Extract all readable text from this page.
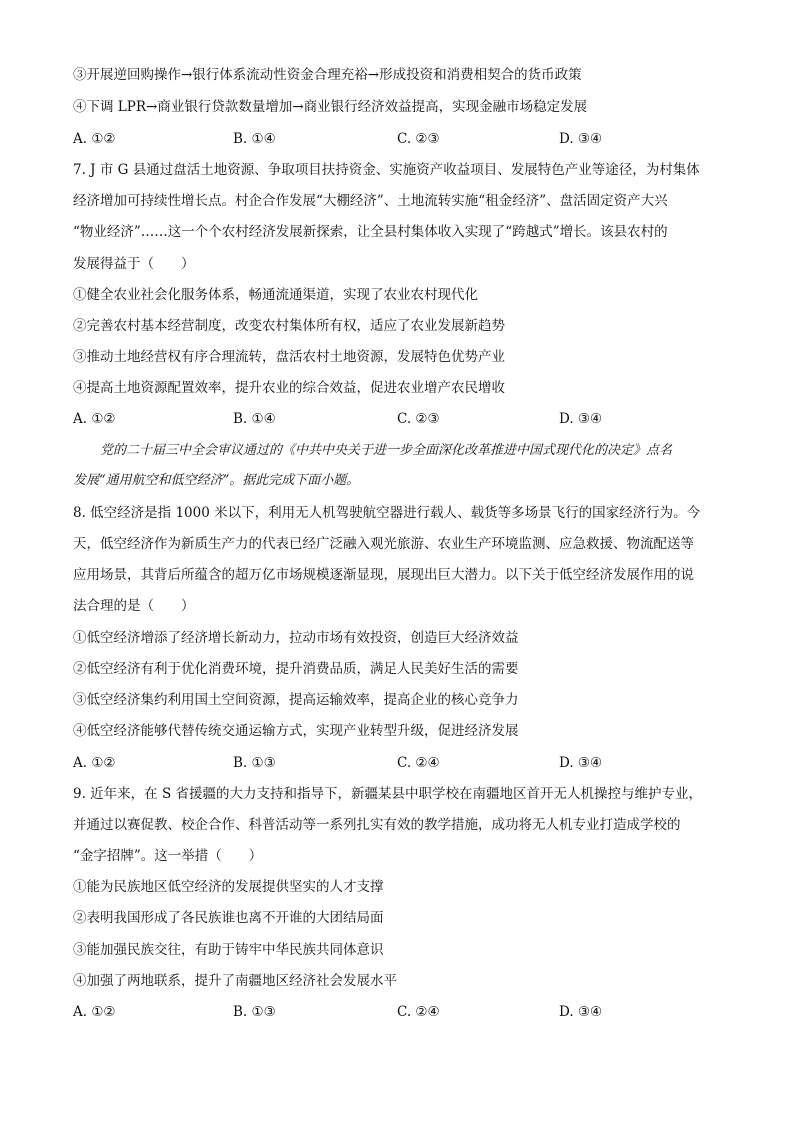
③开展逆回购操作→银行体系流动性资金合理充裕→形成投资和消费相契合的货币政策
④下调 LPR→商业银行贷款数量增加→商业银行经济效益提高，实现金融市场稳定发展
A. ①②	B. ①④	C. ②③	D. ③④
7. J 市 G 县通过盘活土地资源、争取项目扶持资金、实施资产收益项目、发展特色产业等途径，为村集体
经济增加可持续性增长点。村企合作发展“大棚经济”、土地流转实施“租金经济”、盘活固定资产大兴
“物业经济”……这一个个农村经济发展新探索，让全县村集体收入实现了“跨越式”增长。该县农村的
发展得益于（　　）
①健全农业社会化服务体系，畅通流通渠道，实现了农业农村现代化
②完善农村基本经营制度，改变农村集体所有权，适应了农业发展新趋势
③推动土地经营权有序合理流转，盘活农村土地资源，发展特色优势产业
④提高土地资源配置效率，提升农业的综合效益，促进农业增产农民增收
A. ①②	B. ①④	C. ②③	D. ③④
党的二十届三中全会审议通过的《中共中央关于进一步全面深化改革推进中国式现代化的决定》点名
发展“通用航空和低空经济”。据此完成下面小题。
8. 低空经济是指 1000 米以下，利用无人机驾驶航空器进行载人、载货等多场景飞行的国家经济行为。今
天，低空经济作为新质生产力的代表已经广泛融入观光旅游、农业生产环境监测、应急救援、物流配送等
应用场景，其背后所蕴含的超万亿市场规模逐渐显现，展现出巨大潜力。以下关于低空经济发展作用的说
法合理的是（　　）
①低空经济增添了经济增长新动力，拉动市场有效投资，创造巨大经济效益
②低空经济有利于优化消费环境，提升消费品质，满足人民美好生活的需要
③低空经济集约利用国土空间资源，提高运输效率，提高企业的核心竞争力
④低空经济能够代替传统交通运输方式，实现产业转型升级，促进经济发展
A. ①②	B. ①③	C. ②④	D. ③④
9. 近年来，在 S 省援疆的大力支持和指导下，新疆某县中职学校在南疆地区首开无人机操控与维护专业，
并通过以赛促教、校企合作、科普活动等一系列扎实有效的教学措施，成功将无人机专业打造成学校的
“金字招牌”。这一举措（　　）
①能为民族地区低空经济的发展提供坚实的人才支撑
②表明我国形成了各民族谁也离不开谁的大团结局面
③能加强民族交往，有助于铸牢中华民族共同体意识
④加强了两地联系，提升了南疆地区经济社会发展水平
A. ①②	B. ①③	C. ②④	D. ③④
